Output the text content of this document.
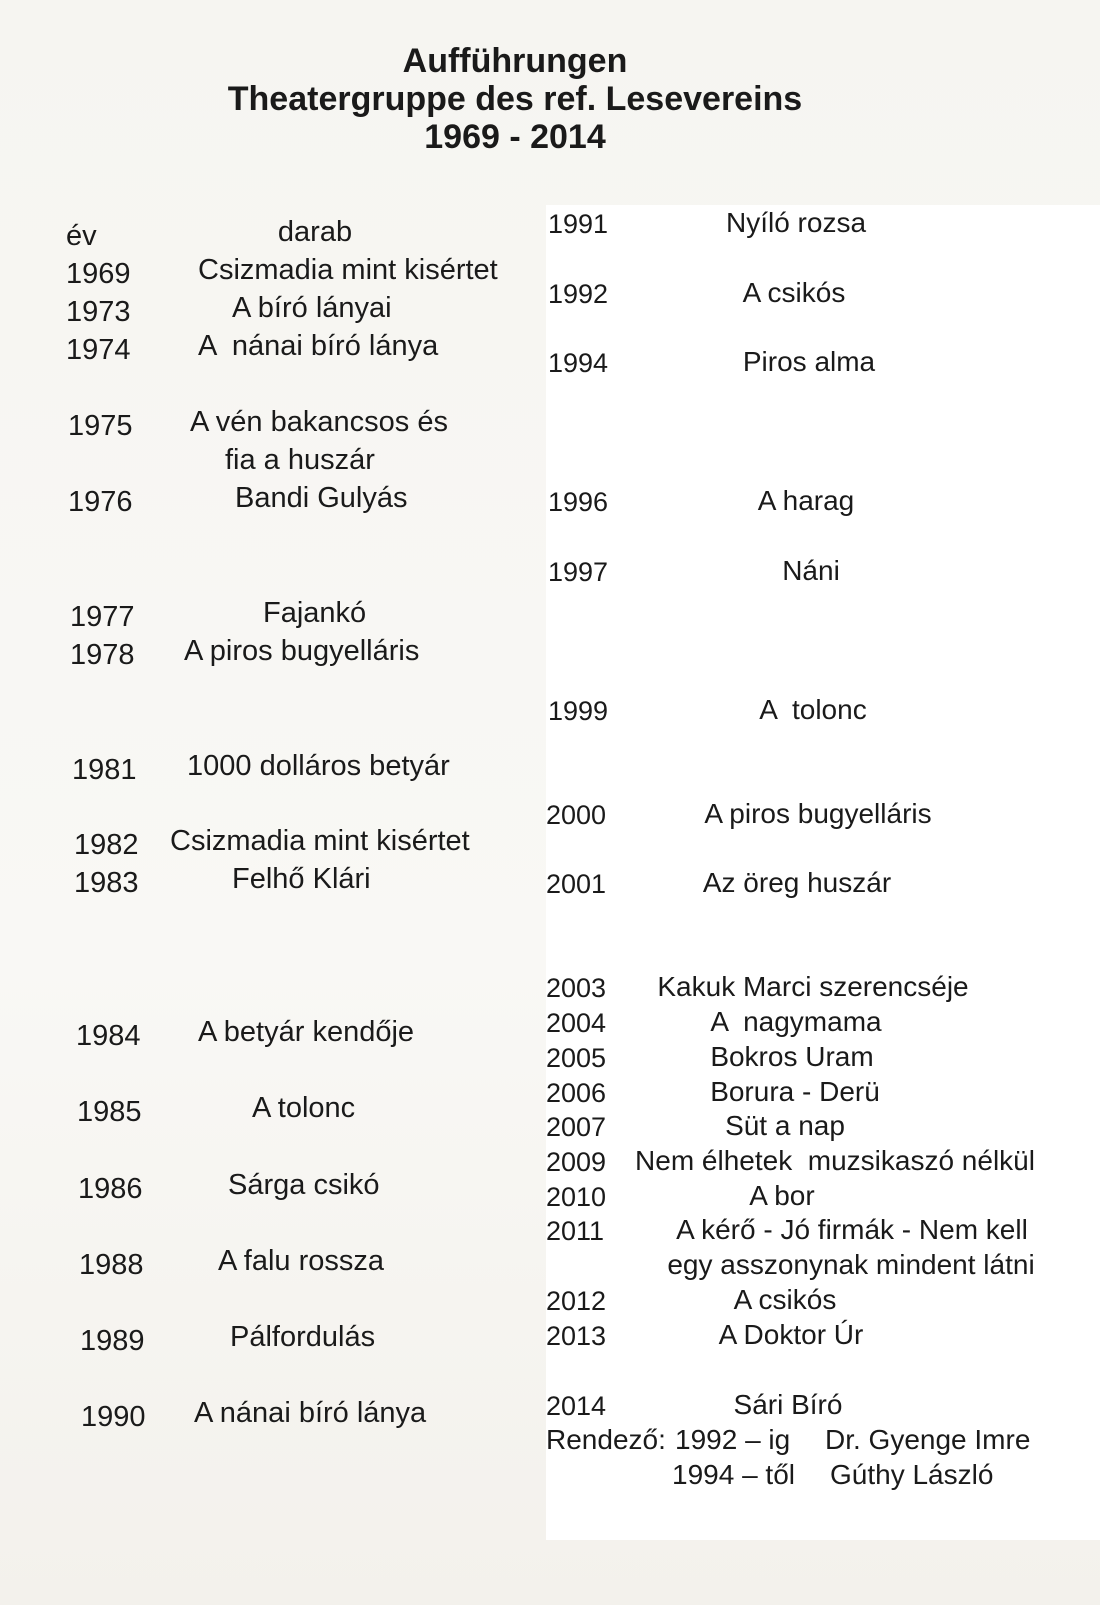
Aufführungen
Theatergruppe des ref. Lesevereins
1969 - 2014
év	darab
1969 Csizmadia mint kisértet
1973	A bíró lányai
1974 A  nánai bíró lánya
1975 A vén bakancsos és
fia a huszár
1976	Bandi Gulyás
1977	Fajankó
1978 A piros bugyelláris
1981 1000 dolláros betyár
1982 Csizmadia mint kisértet
1983	Felhő Klári
1984 A betyár kendője
1985	A tolonc
1986	Sárga csikó
1988	A falu rossza
1989	Pálfordulás
1990 A nánai bíró lánya
1991	Nyíló rozsa
1992	A csikós
1994	Piros alma
1996	A harag
1997	Náni
1999	A  tolonc
2000	A piros bugyelláris
2001	Az öreg huszár
2003 Kakuk Marci szerencséje
2004	A  nagymama
2005	Bokros Uram
2006	Borura - Derü
2007	Süt a nap
2009 Nem élhetek  muzsikaszó nélkül
2010	A bor
2011	A kérő - Jó firmák - Nem kell
egy asszonynak mindent látni
2012	A csikós
2013	A Doktor Úr
2014	Sári Bíró
Rendező: 1992 – ig Dr. Gyenge Imre
1994 – től Gúthy László
